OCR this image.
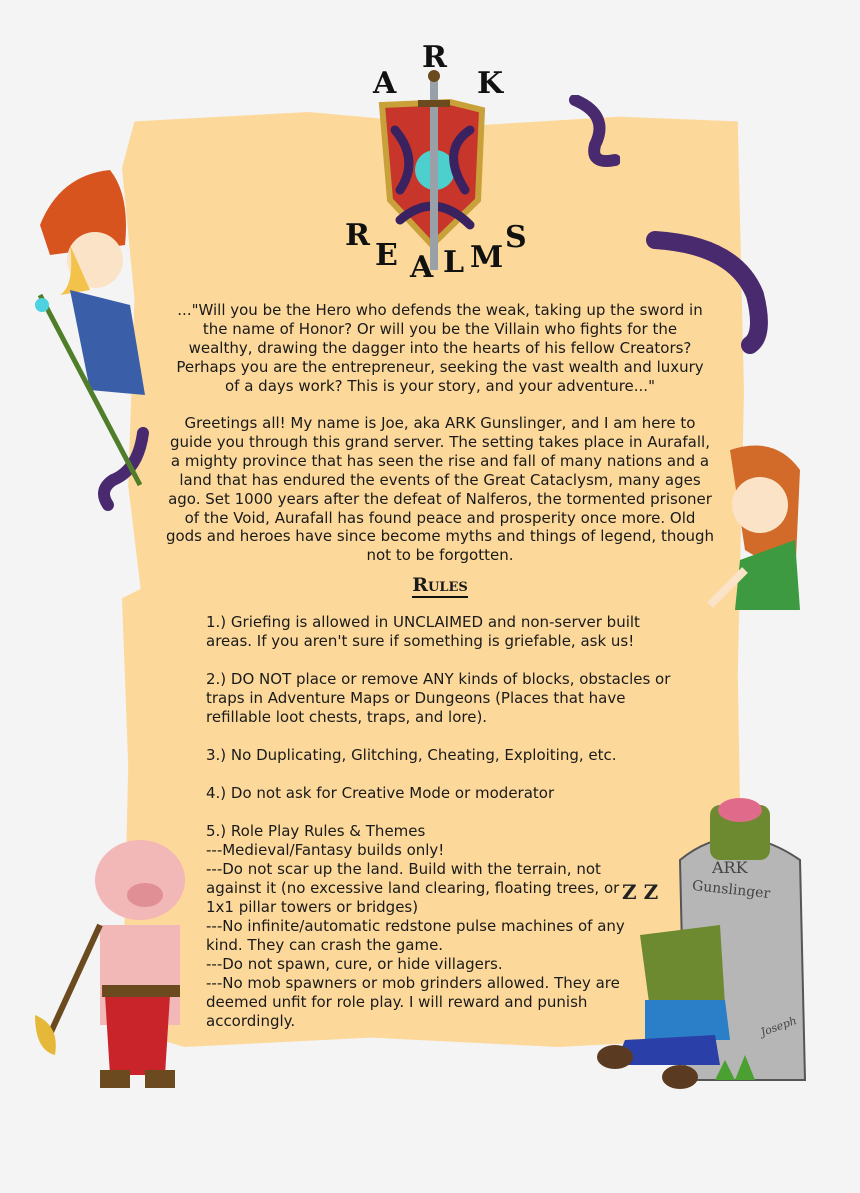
R
A	K
R
E A L M
S
ARK
Gunslinger
Joseph
Z Z
..."Will you be the Hero who defends the weak, taking up the sword in
the name of Honor? Or will you be the Villain who fights for the
wealthy, drawing the dagger into the hearts of his fellow Creators?
Perhaps you are the entrepreneur, seeking the vast wealth and luxury
of a days work? This is your story, and your adventure..."
Greetings all! My name is Joe, aka ARK Gunslinger, and I am here to
guide you through this grand server. The setting takes place in Aurafall,
a mighty province that has seen the rise and fall of many nations and a
land that has endured the events of the Great Cataclysm, many ages
ago. Set 1000 years after the defeat of Nalferos, the tormented prisoner
of the Void, Aurafall has found peace and prosperity once more. Old
gods and heroes have since become myths and things of legend, though
not to be forgotten.
Rules
1.) Griefing is allowed in UNCLAIMED and non-server built
areas. If you aren't sure if something is griefable, ask us!
2.) DO NOT place or remove ANY kinds of blocks, obstacles or
traps in Adventure Maps or Dungeons (Places that have
refillable loot chests, traps, and lore).
3.) No Duplicating, Glitching, Cheating, Exploiting, etc.
4.) Do not ask for Creative Mode or moderator
5.) Role Play Rules & Themes
---Medieval/Fantasy builds only!
---Do not scar up the land. Build with the terrain, not
against it (no excessive land clearing, floating trees, or
1x1 pillar towers or bridges)
---No infinite/automatic redstone pulse machines of any
kind. They can crash the game.
---Do not spawn, cure, or hide villagers.
---No mob spawners or mob grinders allowed. They are
deemed unfit for role play. I will reward and punish
accordingly.
